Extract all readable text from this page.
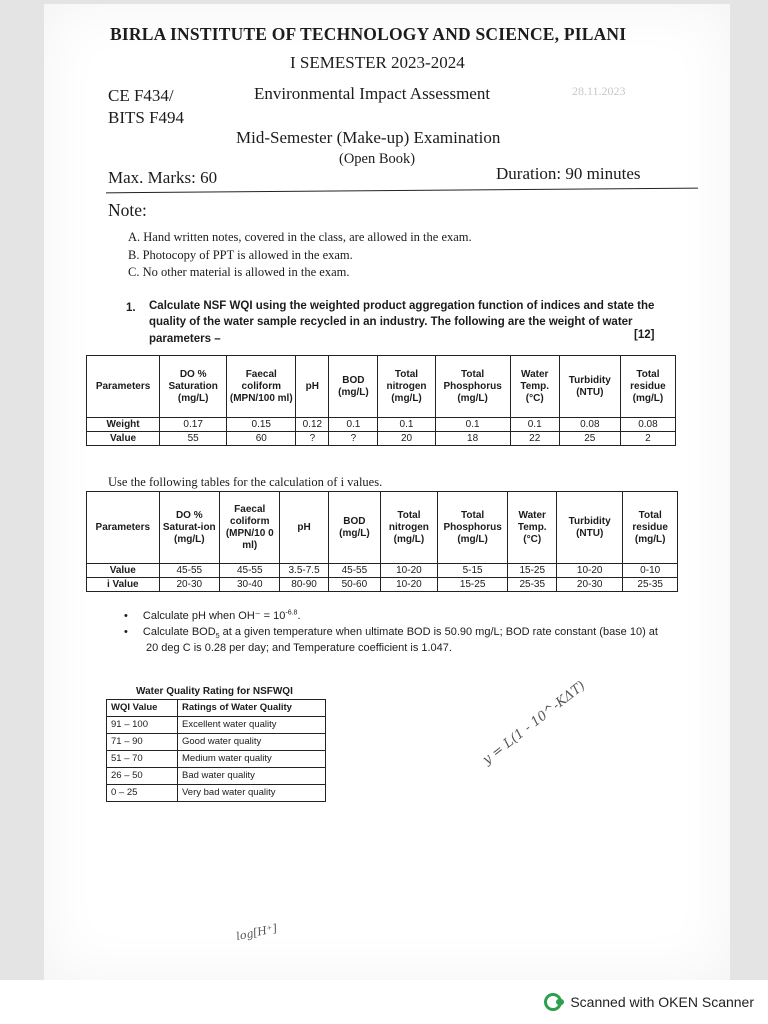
BIRLA INSTITUTE OF TECHNOLOGY AND SCIENCE, PILANI
I SEMESTER 2023-2024
CE F434/
BITS F494
Environmental Impact Assessment	28.11.2023
Mid-Semester (Make-up) Examination
(Open Book)
Max. Marks: 60	Duration: 90 minutes
Note:
A. Hand written notes, covered in the class, are allowed in the exam.
B. Photocopy of PPT is allowed in the exam.
C. No other material is allowed in the exam.
1. Calculate NSF WQI using the weighted product aggregation function of indices and state the
quality of the water sample recycled in an industry. The following are the weight of water
parameters –	[12]
Parameters	DO % Saturation (mg/L)	Faecal coliform (MPN/100 ml)	pH	BOD (mg/L)	Total nitrogen (mg/L)	Total Phosphorus (mg/L)	Water Temp. (°C)	Turbidity (NTU)	Total residue (mg/L)
Weight	0.17	0.15	0.12	0.1	0.1	0.1	0.1	0.08	0.08
Value	55	60	?	?	20	18	22	25	2
Use the following tables for the calculation of i values.
Parameters	DO % Saturat-ion (mg/L)	Faecal coliform (MPN/10 0 ml)	pH	BOD (mg/L)	Total nitrogen (mg/L)	Total Phosphorus (mg/L)	Water Temp. (°C)	Turbidity (NTU)	Total residue (mg/L)
Value	45-55	45-55	3.5-7.5	45-55	10-20	5-15	15-25	10-20	0-10
i Value	20-30	30-40	80-90	50-60	10-20	15-25	25-35	20-30	25-35
• Calculate pH when $OH^- = 10^{-6.8}$.
• Calculate $BOD_5$ at a given temperature when ultimate BOD is 50.90 mg/L; BOD rate constant (base 10) at
20 deg C is 0.28 per day; and Temperature coefficient is 1.047.
Water Quality Rating for NSFWQI
WQI Value	Ratings of Water Quality
91 – 100	Excellent water quality
71 – 90	Good water quality
51 – 70	Medium water quality
26 – 50	Bad water quality
0 – 25	Very bad water quality
y = L(1 - 10^-KΔT)
log[H⁺]
Scanned with OKEN Scanner
